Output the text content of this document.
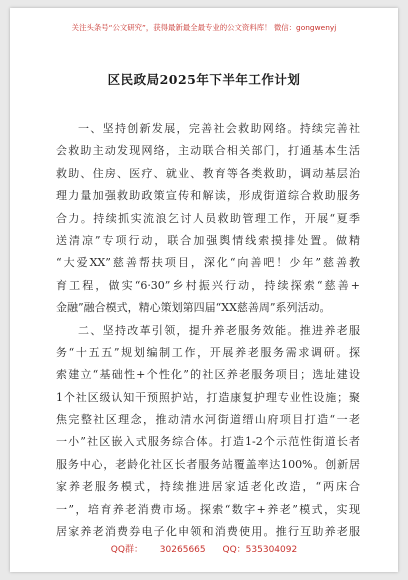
关注头条号“公文研究”，获得最新最全最专业的公文资料库！ 微信：gongwenyj
区民政局2025年下半年工作计划
一、坚持创新发展，完善社会救助网络。持续完善社
会救助主动发现网络，主动联合相关部门，打通基本生活
救助、住房、医疗、就业、教育等各类救助，调动基层治
理力量加强救助政策宣传和解读，形成街道综合救助服务
合力。持续抓实流浪乞讨人员救助管理工作，开展“夏季
送清凉”专项行动，联合加强舆情线索摸排处置。做精
“大爱XX”慈善帮扶项目，深化“向善吧！少年”慈善教
育工程，做实“6·30”乡村振兴行动，持续探索“慈善+
金融”融合模式，精心策划第四届“XX慈善周”系列活动。
二、坚持改革引领，提升养老服务效能。推进养老服
务“十五五”规划编制工作，开展养老服务需求调研。探
索建立“基础性+个性化”的社区养老服务项目；选址建设
1个社区级认知干预照护站，打造康复护理专业性设施；聚
焦完整社区理念，推动清水河街道缙山府项目打造“一老
一小”社区嵌入式服务综合体。打造1-2个示范性街道长者
服务中心，老龄化社区长者服务站覆盖率达100%。创新居
家养老服务模式，持续推进居家适老化改造，“两床合
一”，培育养老消费市场。探索“数字+养老”模式，实现
居家养老消费券电子化申领和消费使用。推行互助养老服
QQ群： 30265665 QQ：535304092
